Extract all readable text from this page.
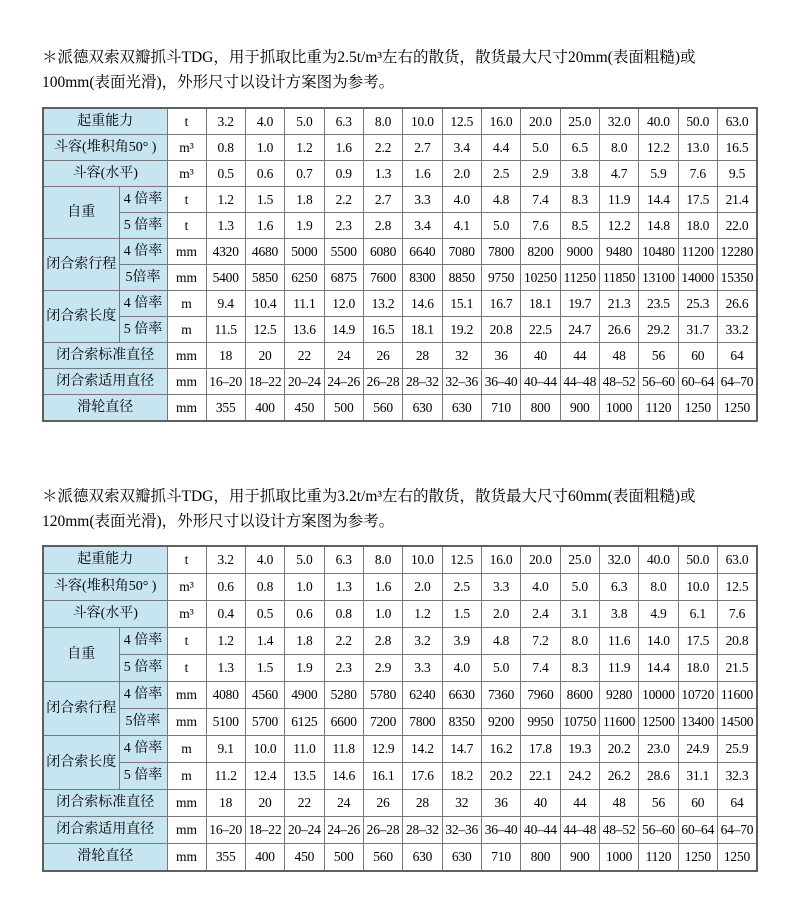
＊派德双索双瓣抓斗TDG，用于抓取比重为2.5t/m³左右的散货，散货最大尺寸20mm(表面粗糙)或100mm(表面光滑)，外形尺寸以设计方案图为参考。

起重能力		t	3.2	4.0	5.0	6.3	8.0	10.0	12.5	16.0	20.0	25.0	32.0	40.0	50.0	63.0
斗容(堆积角50° )		m³	0.8	1.0	1.2	1.6	2.2	2.7	3.4	4.4	5.0	6.5	8.0	12.2	13.0	16.5
斗容(水平)		m³	0.5	0.6	0.7	0.9	1.3	1.6	2.0	2.5	2.9	3.8	4.7	5.9	7.6	9.5
自重	4 倍率	t	1.2	1.5	1.8	2.2	2.7	3.3	4.0	4.8	7.4	8.3	11.9	14.4	17.5	21.4
	5 倍率	t	1.3	1.6	1.9	2.3	2.8	3.4	4.1	5.0	7.6	8.5	12.2	14.8	18.0	22.0
闭合索行程	4 倍率	mm	4320	4680	5000	5500	6080	6640	7080	7800	8200	9000	9480	10480	11200	12280
	5倍率	mm	5400	5850	6250	6875	7600	8300	8850	9750	10250	11250	11850	13100	14000	15350
闭合索长度	4 倍率	m	9.4	10.4	11.1	12.0	13.2	14.6	15.1	16.7	18.1	19.7	21.3	23.5	25.3	26.6
	5 倍率	m	11.5	12.5	13.6	14.9	16.5	18.1	19.2	20.8	22.5	24.7	26.6	29.2	31.7	33.2
闭合索标准直径		mm	18	20	22	24	26	28	32	36	40	44	48	56	60	64
闭合索适用直径		mm	16–20	18–22	20–24	24–26	26–28	28–32	32–36	36–40	40–44	44–48	48–52	56–60	60–64	64–70
滑轮直径		mm	355	400	450	500	560	630	630	710	800	900	1000	1120	1250	1250

＊派德双索双瓣抓斗TDG，用于抓取比重为3.2t/m³左右的散货，散货最大尺寸60mm(表面粗糙)或120mm(表面光滑)，外形尺寸以设计方案图为参考。

起重能力		t	3.2	4.0	5.0	6.3	8.0	10.0	12.5	16.0	20.0	25.0	32.0	40.0	50.0	63.0
斗容(堆积角50° )		m³	0.6	0.8	1.0	1.3	1.6	2.0	2.5	3.3	4.0	5.0	6.3	8.0	10.0	12.5
斗容(水平)		m³	0.4	0.5	0.6	0.8	1.0	1.2	1.5	2.0	2.4	3.1	3.8	4.9	6.1	7.6
自重	4 倍率	t	1.2	1.4	1.8	2.2	2.8	3.2	3.9	4.8	7.2	8.0	11.6	14.0	17.5	20.8
	5 倍率	t	1.3	1.5	1.9	2.3	2.9	3.3	4.0	5.0	7.4	8.3	11.9	14.4	18.0	21.5
闭合索行程	4 倍率	mm	4080	4560	4900	5280	5780	6240	6630	7360	7960	8600	9280	10000	10720	11600
	5倍率	mm	5100	5700	6125	6600	7200	7800	8350	9200	9950	10750	11600	12500	13400	14500
闭合索长度	4 倍率	m	9.1	10.0	11.0	11.8	12.9	14.2	14.7	16.2	17.8	19.3	20.2	23.0	24.9	25.9
	5 倍率	m	11.2	12.4	13.5	14.6	16.1	17.6	18.2	20.2	22.1	24.2	26.2	28.6	31.1	32.3
闭合索标准直径		mm	18	20	22	24	26	28	32	36	40	44	48	56	60	64
闭合索适用直径		mm	16–20	18–22	20–24	24–26	26–28	28–32	32–36	36–40	40–44	44–48	48–52	56–60	60–64	64–70
滑轮直径		mm	355	400	450	500	560	630	630	710	800	900	1000	1120	1250	1250
